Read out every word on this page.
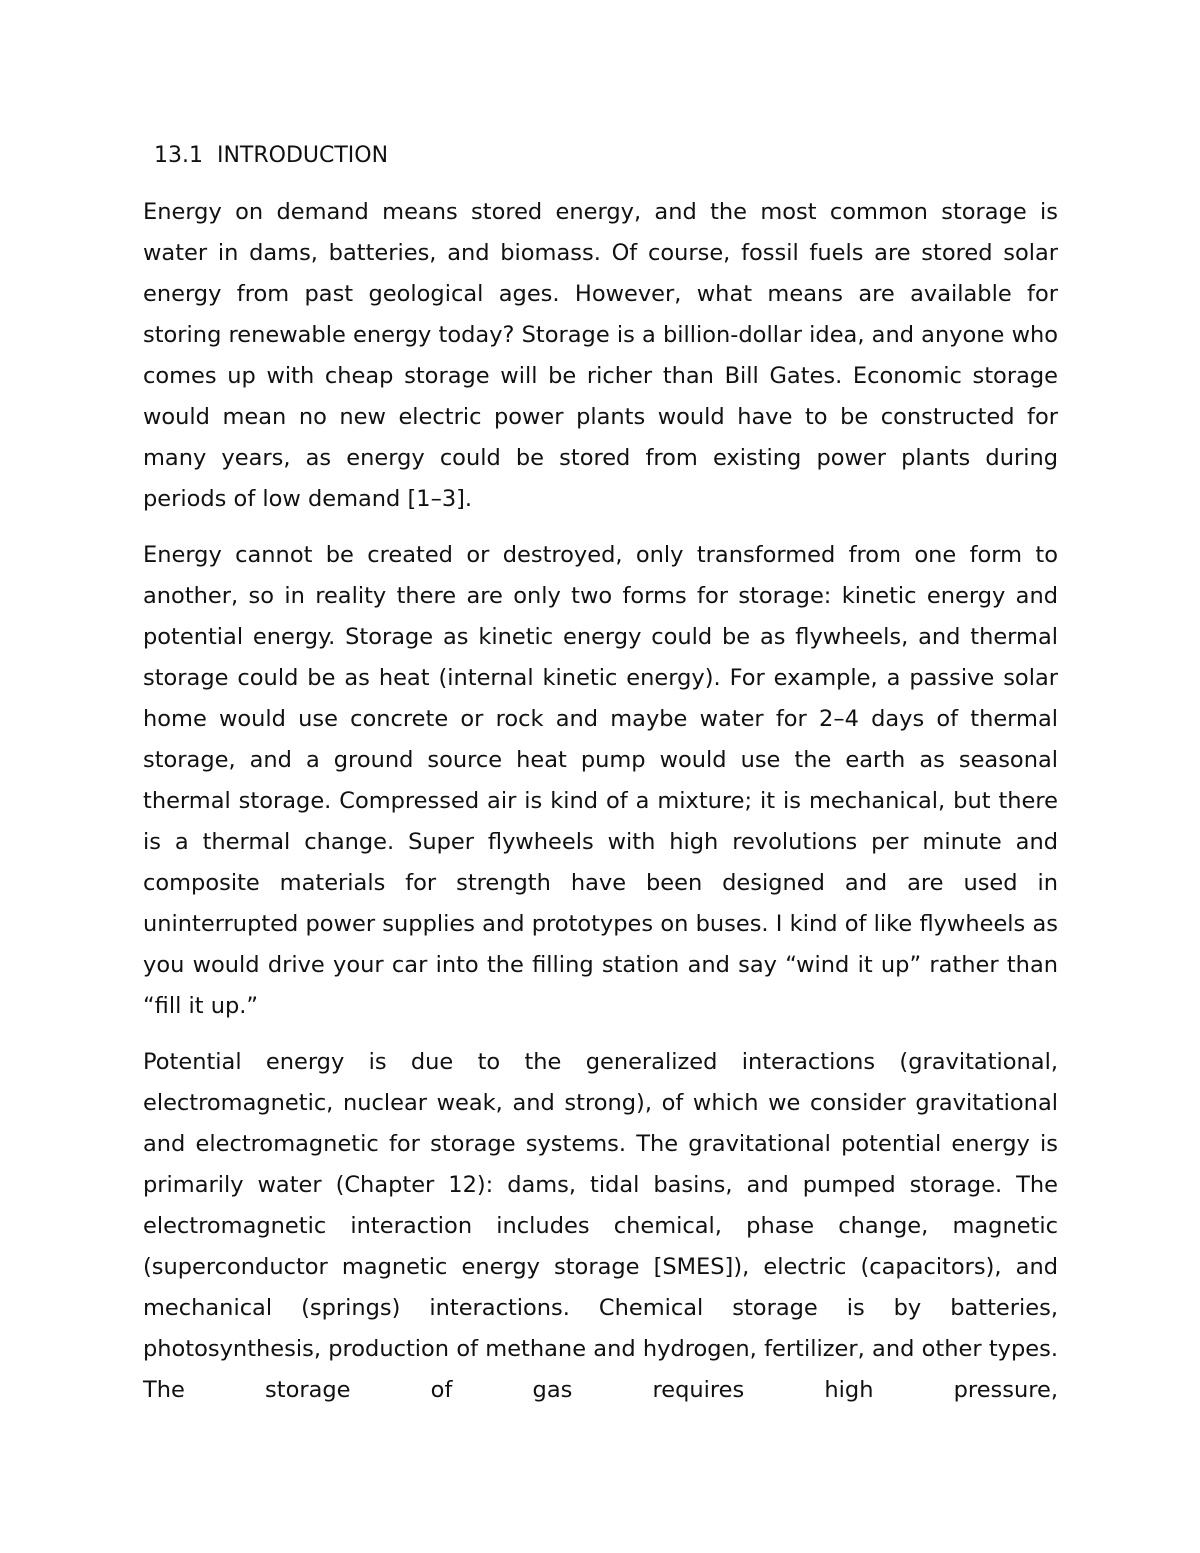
13.1  INTRODUCTION

Energy on demand means stored energy, and the most common storage is water in dams, batteries, and biomass. Of course, fossil fuels are stored solar energy from past geological ages. However, what means are available for storing renewable energy today? Storage is a billion-dollar idea, and anyone who comes up with cheap storage will be richer than Bill Gates. Economic storage would mean no new electric power plants would have to be constructed for many years, as energy could be stored from existing power plants during periods of low demand [1–3].

Energy cannot be created or destroyed, only transformed from one form to another, so in reality there are only two forms for storage: kinetic energy and potential energy. Storage as kinetic energy could be as flywheels, and thermal storage could be as heat (internal kinetic energy). For example, a passive solar home would use concrete or rock and maybe water for 2–4 days of thermal storage, and a ground source heat pump would use the earth as seasonal thermal storage. Compressed air is kind of a mixture; it is mechanical, but there is a thermal change. Super flywheels with high revolutions per minute and composite materials for strength have been designed and are used in uninterrupted power supplies and prototypes on buses. I kind of like flywheels as you would drive your car into the filling station and say “wind it up” rather than “fill it up.”

Potential energy is due to the generalized interactions (gravitational, electromagnetic, nuclear weak, and strong), of which we consider gravitational and electromagnetic for storage systems. The gravitational potential energy is primarily water (Chapter 12): dams, tidal basins, and pumped storage. The electromagnetic interaction includes chemical, phase change, magnetic (superconductor magnetic energy storage [SMES]), electric (capacitors), and mechanical (springs) interactions. Chemical storage is by batteries, photosynthesis, production of methane and hydrogen, fertilizer, and other types. The storage of gas requires high pressure,
